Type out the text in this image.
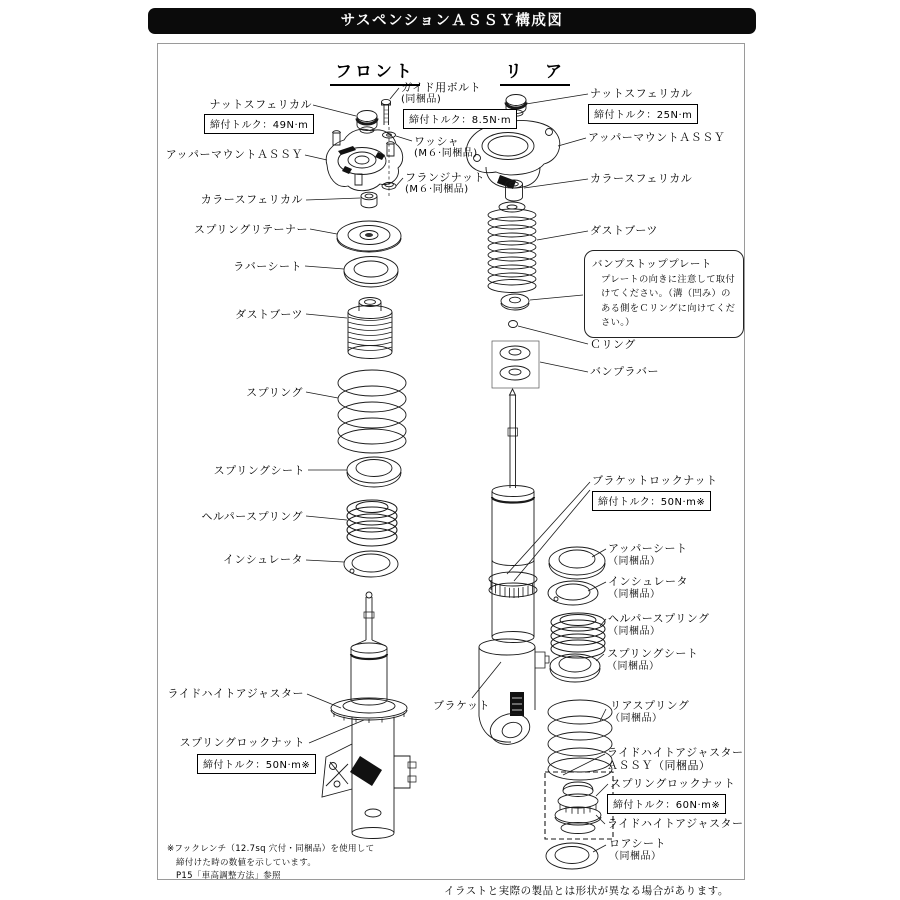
サスペンションＡＳＳＹ構成図
フロント	リ　ア
ナットスフェリカル
締付トルク：49N·m
ガイド用ボルト
(同梱品)
締付トルク：8.5N·m
ワッシャ
(М６·同梱品)
アッパーマウントＡＳＳＹ
フランジナット
(М６·同梱品)
カラースフェリカル
スプリングリテーナー
ラバーシート
ダストブーツ
スプリング
スプリングシート
ヘルパースプリング
インシュレータ
ライドハイトアジャスター
スプリングロックナット
締付トルク：50N·m※
ナットスフェリカル
締付トルク：25N·m
アッパーマウントＡＳＳＹ
カラースフェリカル
ダストブーツ
バンプストッププレート
プレートの向きに注意して取付けてください。（溝（凹み）のある側をＣリングに向けてください。）
Ｃリング
バンプラバー
ブラケットロックナット
締付トルク：50N·m※
アッパーシート
（同梱品）
インシュレータ
（同梱品）
ヘルパースプリング
（同梱品）
スプリングシート
（同梱品）
ブラケット	リアスプリング
（同梱品）
ライドハイトアジャスター
ＡＳＳＹ（同梱品）
スプリングロックナット
締付トルク：60N·m※
ライドハイトアジャスター
ロアシート
（同梱品）
※フックレンチ（12.7sq 穴付・同梱品）を使用して
締付けた時の数値を示しています。
P15「車高調整方法」参照
イラストと実際の製品とは形状が異なる場合があります。
